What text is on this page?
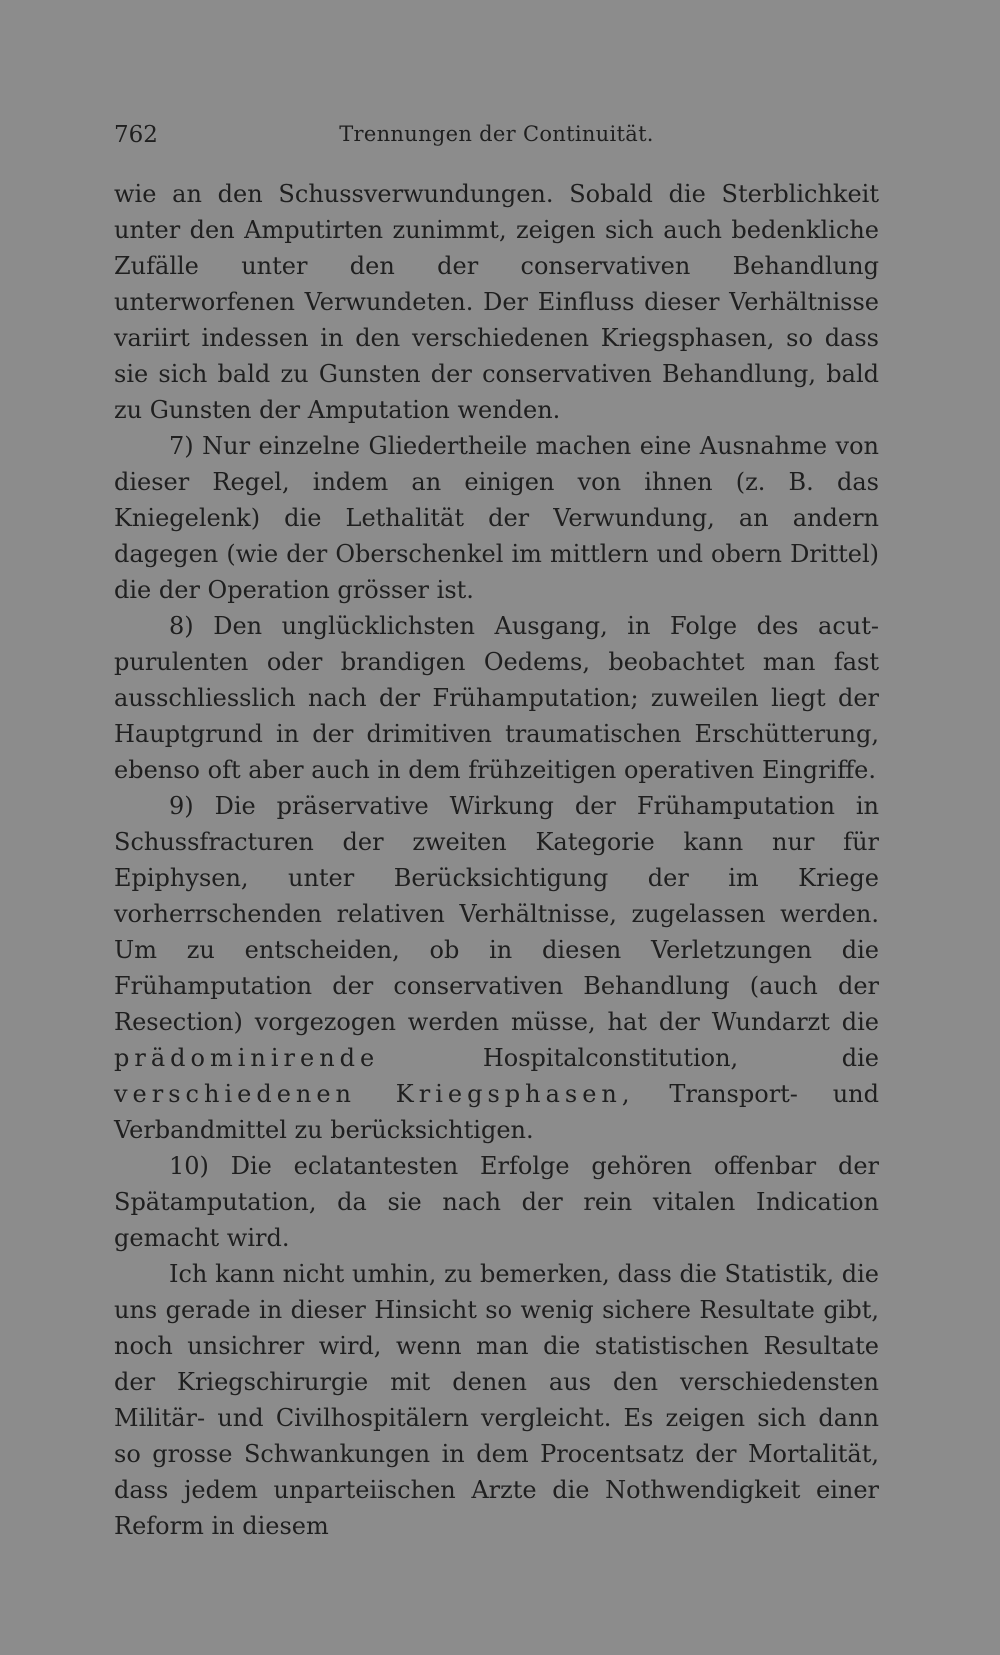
762	Trennungen der Continuität.

wie an den Schussverwundungen. Sobald die Sterblichkeit unter den Amputirten zunimmt, zeigen sich auch bedenkliche Zufälle unter den der conservativen Behandlung unterworfenen Verwundeten. Der Einfluss dieser Verhältnisse variirt indessen in den verschiedenen Kriegsphasen, so dass sie sich bald zu Gunsten der conservativen Behandlung, bald zu Gunsten der Amputation wenden.

7) Nur einzelne Gliedertheile machen eine Ausnahme von dieser Regel, indem an einigen von ihnen (z. B. das Kniegelenk) die Lethalität der Verwundung, an andern dagegen (wie der Oberschenkel im mittlern und obern Drittel) die der Operation grösser ist.

8) Den unglücklichsten Ausgang, in Folge des acut-purulenten oder brandigen Oedems, beobachtet man fast ausschliesslich nach der Frühamputation; zuweilen liegt der Hauptgrund in der drimitiven traumatischen Erschütterung, ebenso oft aber auch in dem frühzeitigen operativen Eingriffe.

9) Die präservative Wirkung der Frühamputation in Schussfracturen der zweiten Kategorie kann nur für Epiphysen, unter Berücksichtigung der im Kriege vorherrschenden relativen Verhältnisse, zugelassen werden. Um zu entscheiden, ob in diesen Verletzungen die Frühamputation der conservativen Behandlung (auch der Resection) vorgezogen werden müsse, hat der Wundarzt die prädominirende	Hospitalconstitution, die verschiedenen Kriegsphasen, Transport- und Verbandmittel zu berücksichtigen.

10) Die eclatantesten Erfolge gehören offenbar der Spätamputation, da sie nach der rein vitalen Indication gemacht wird.

Ich kann nicht umhin, zu bemerken, dass die Statistik, die uns gerade in dieser Hinsicht so wenig sichere Resultate gibt, noch unsichrer wird, wenn man die statistischen Resultate der Kriegschirurgie mit denen aus den verschiedensten Militär- und Civilhospitälern vergleicht. Es zeigen sich dann so grosse Schwankungen in dem Procentsatz der Mortalität, dass jedem unparteiischen Arzte die Nothwendigkeit einer Reform in diesem
